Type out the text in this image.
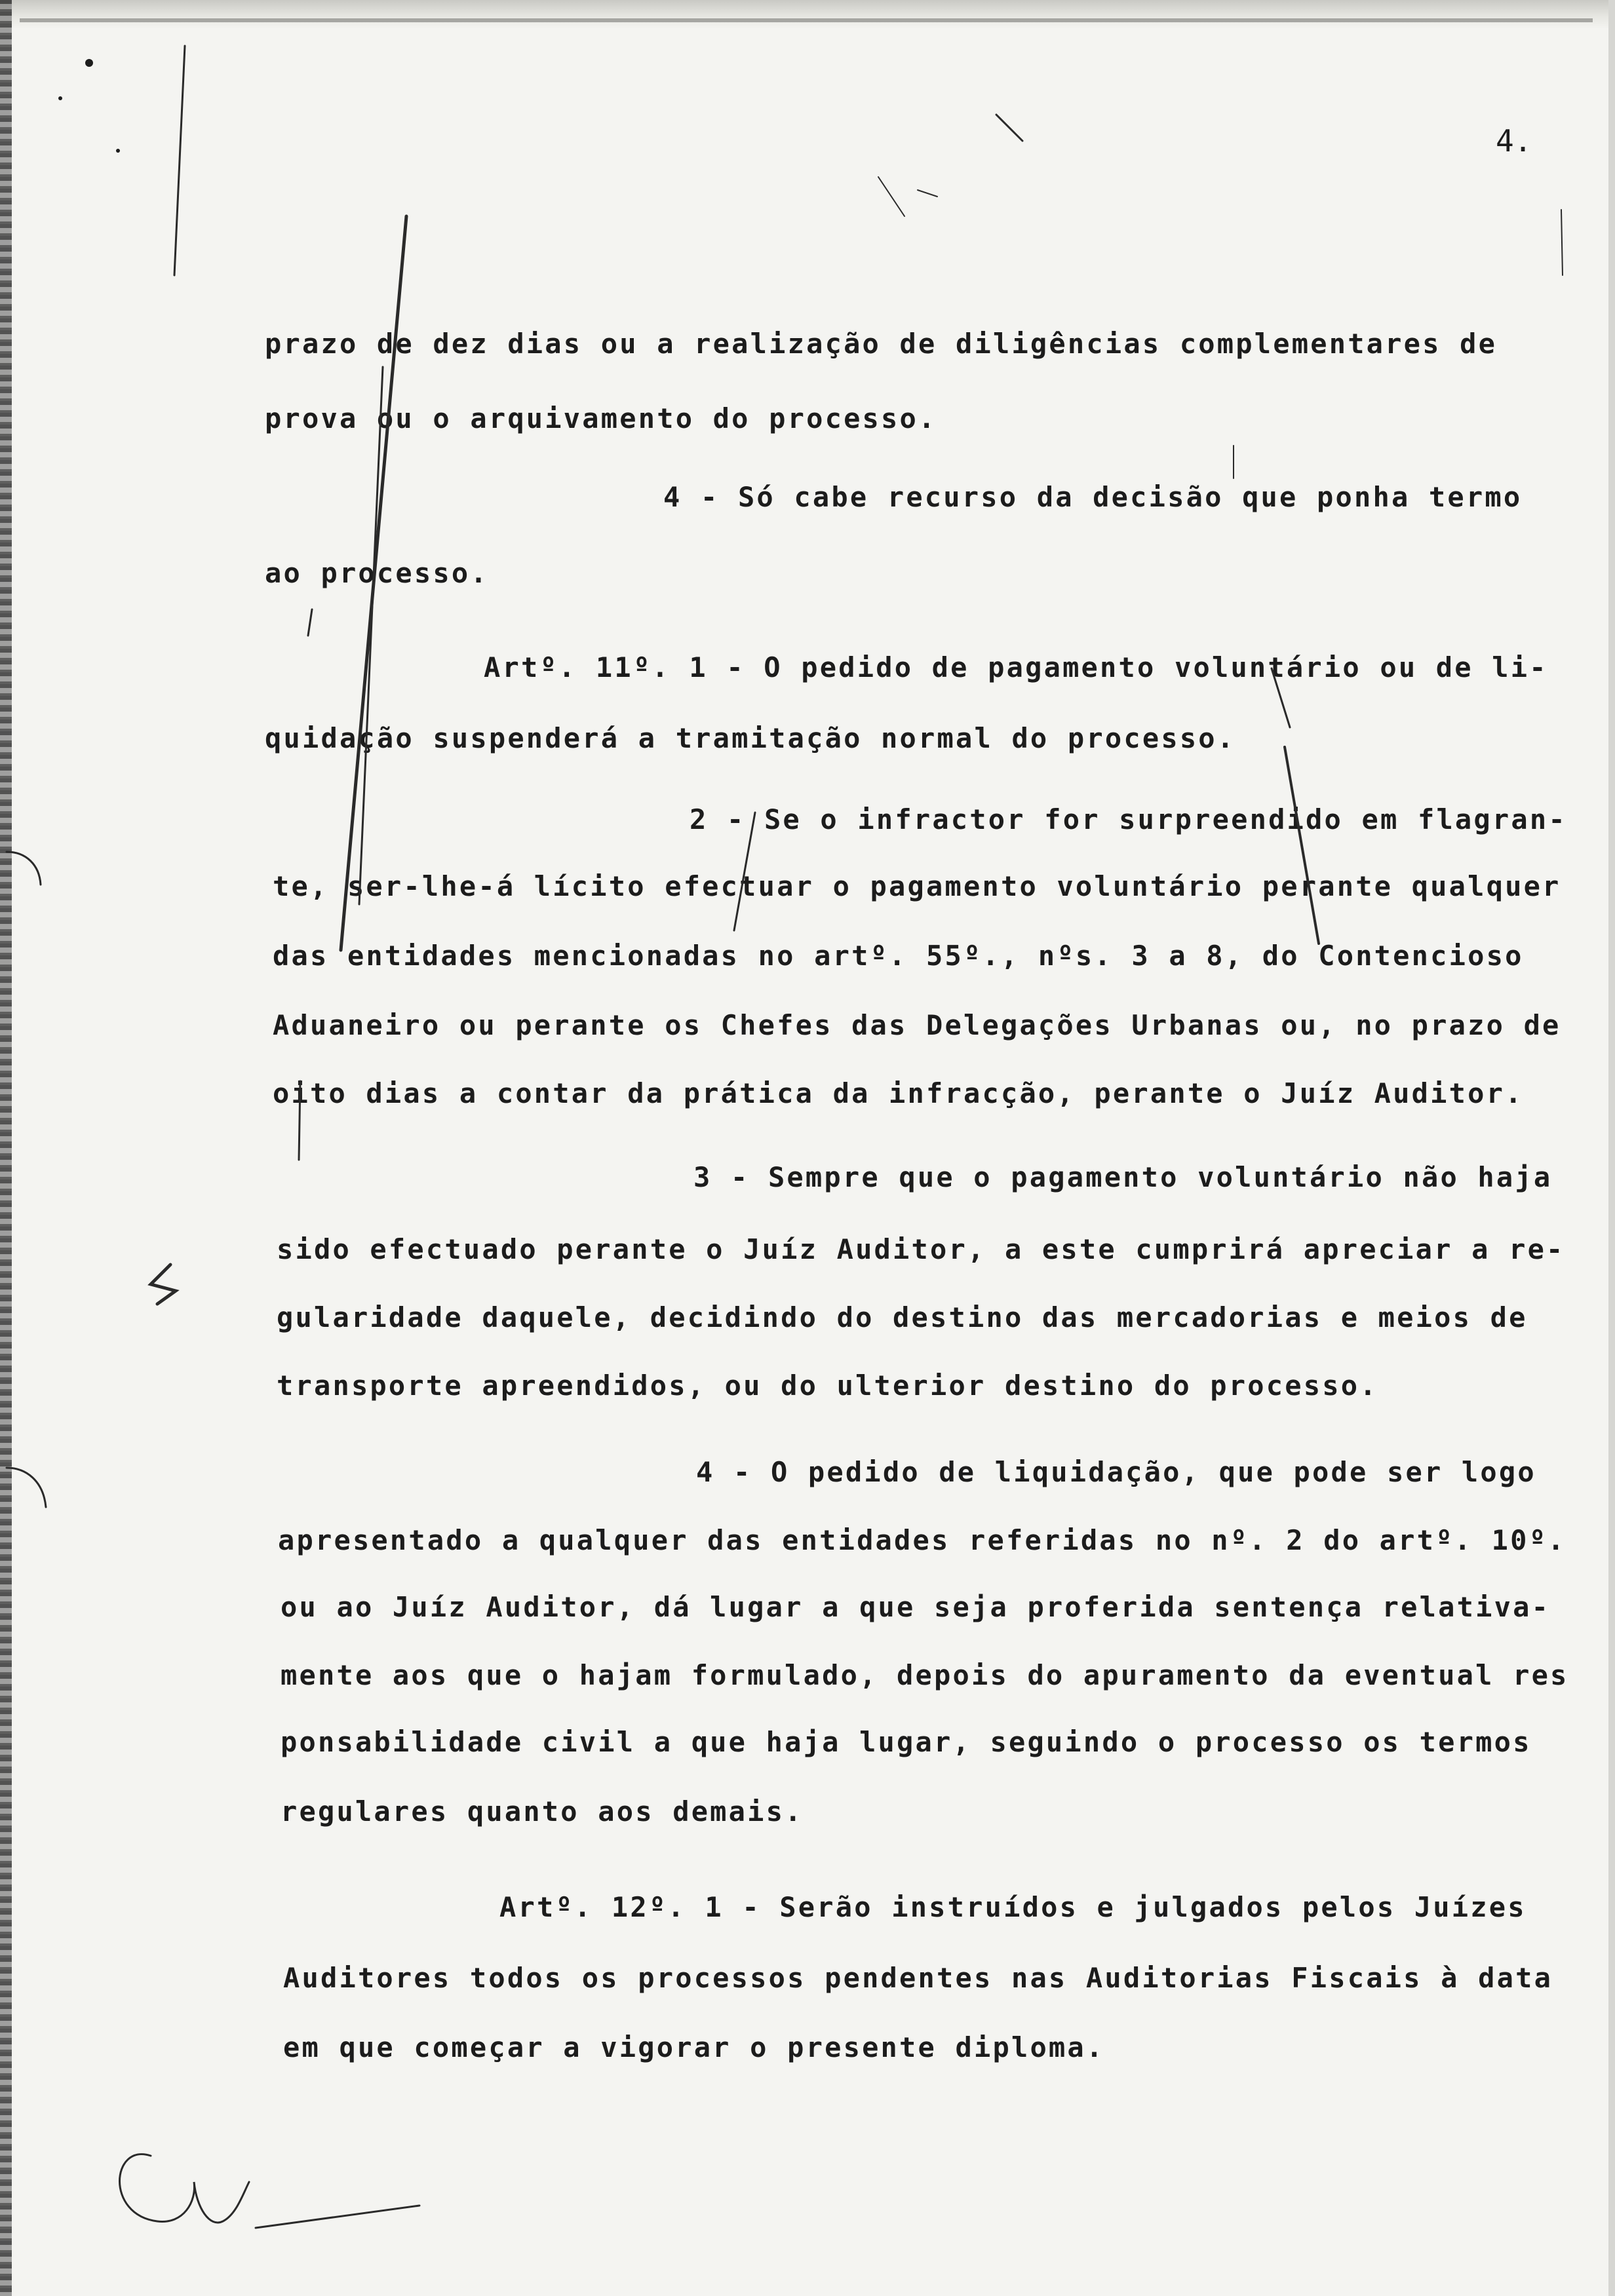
4.
prazo de dez dias ou a realização de diligências complementares de
prova ou o arquivamento do processo.
4 - Só cabe recurso da decisão que ponha termo
ao processo.
Artº. 11º. 1 - O pedido de pagamento voluntário ou de li-
quidação suspenderá a tramitação normal do processo.
2 - Se o infractor for surpreendido em flagran-
te, ser-lhe-á lícito efectuar o pagamento voluntário perante qualquer
das entidades mencionadas no artº. 55º., nºs. 3 a 8, do Contencioso
Aduaneiro ou perante os Chefes das Delegações Urbanas ou, no prazo de
oito dias a contar da prática da infracção, perante o Juíz Auditor.
3 - Sempre que o pagamento voluntário não haja
sido efectuado perante o Juíz Auditor, a este cumprirá apreciar a re-
gularidade daquele, decidindo do destino das mercadorias e meios de
transporte apreendidos, ou do ulterior destino do processo.
4 - O pedido de liquidação, que pode ser logo
apresentado a qualquer das entidades referidas no nº. 2 do artº. 10º.
ou ao Juíz Auditor, dá lugar a que seja proferida sentença relativa-
mente aos que o hajam formulado, depois do apuramento da eventual res
ponsabilidade civil a que haja lugar, seguindo o processo os termos
regulares quanto aos demais.
Artº. 12º. 1 - Serão instruídos e julgados pelos Juízes
Auditores todos os processos pendentes nas Auditorias Fiscais à data
em que começar a vigorar o presente diploma.
